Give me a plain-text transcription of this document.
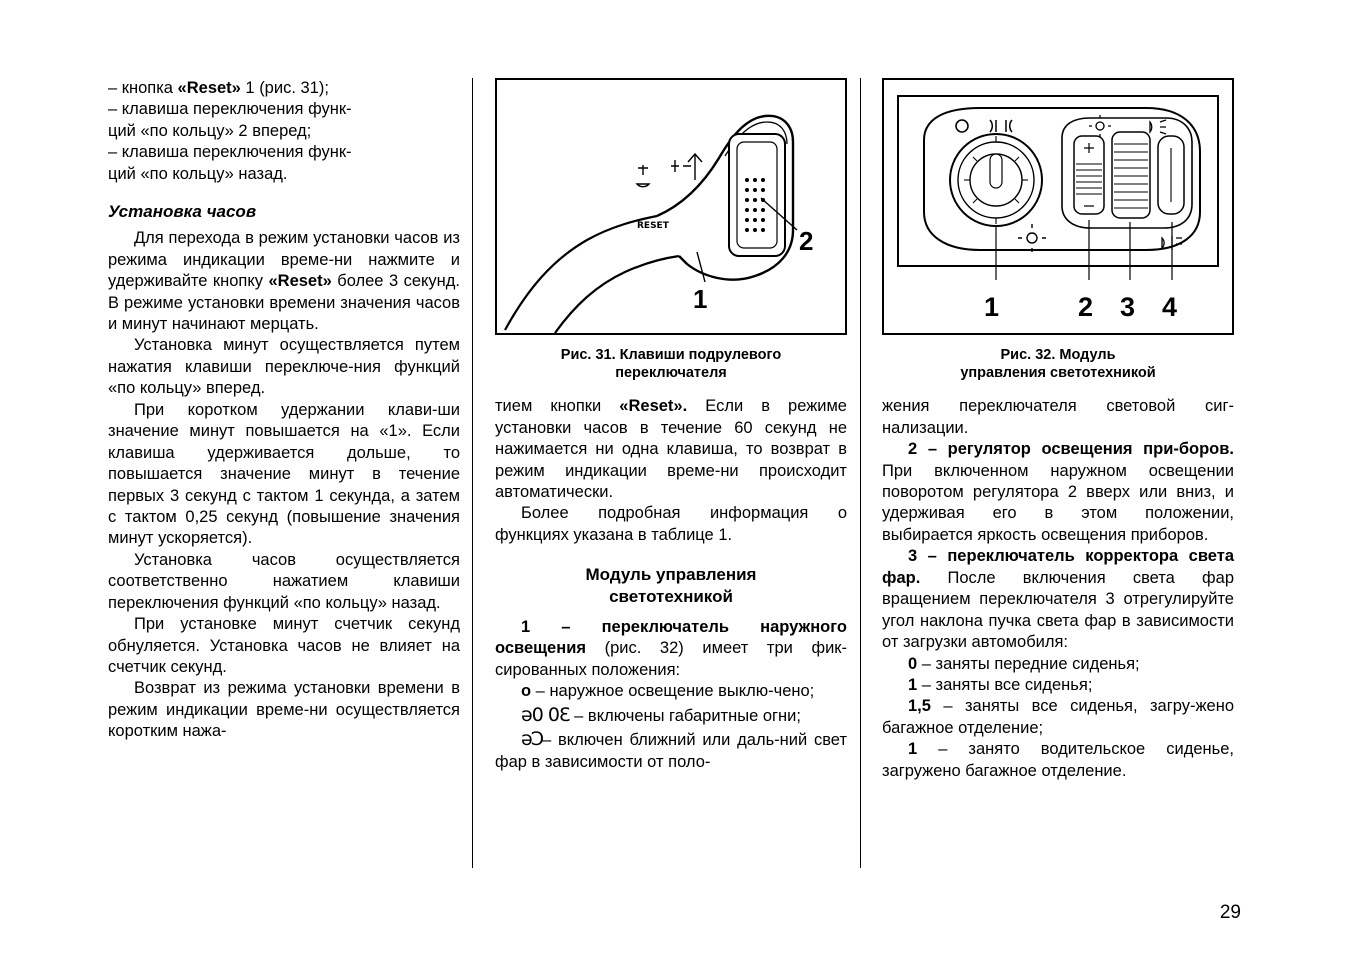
– кнопка «Reset» 1 (рис. 31);

– клавиша переключения функ-
ций «по кольцу» 2 вперед;

– клавиша переключения функ-
ций «по кольцу» назад.

Установка часов

Для перехода в режим установки часов из режима индикации време-ни нажмите и удерживайте кнопку «Reset» более 3 секунд. В режиме установки времени значения часов и минут начинают мерцать.

Установка минут осуществляется путем нажатия клавиши переключе-ния функций «по кольцу» вперед.

При коротком удержании клави-ши значение минут повышается на «1». Если клавиша удерживается дольше, то повышается значение минут в течение первых 3 секунд с тактом 1 секунда, а затем с тактом 0,25 секунд (повышение значения минут ускоряется).

Установка часов осуществляется соответственно нажатием клавиши переключения функций «по кольцу» назад.

При установке минут счетчик секунд обнуляется. Установка часов не влияет на счетчик секунд.

Возврат из режима установки времени в режим индикации време-ни осуществляется коротким нажа-

RESET	2
1

Рис. 31. Клавиши подрулевого
переключателя

тием кнопки «Reset». Если в режиме установки часов в течение 60 секунд не нажимается ни одна клавиша, то возврат в режим индикации време-ни происходит автоматически.

Более подробная информация о функциях указана в таблице 1.

Модуль управления
светотехникой

1 – переключатель наружного освещения (рис. 32) имеет три фик-сированных положения:

o – наружное освещение выклю-чено;

ǝ0 0Ɛ – включены габаритные огни;

ǝƆ– включен ближний или даль-ний свет фар в зависимости от поло-

1	2 3 4

Рис. 32. Модуль
управления светотехникой

жения переключателя световой сиг-нализации.

2 – регулятор освещения при-боров. При включенном наружном освещении поворотом регулятора 2 вверх или вниз, и удерживая его в этом положении, выбирается яркость освещения приборов.

3 – переключатель корректора света фар. После включения света фар вращением переключателя 3 отрегулируйте угол наклона пучка света фар в зависимости от загрузки автомобиля:

0 – заняты передние сиденья;

1 – заняты все сиденья;

1,5 – заняты все сиденья, загру-жено багажное отделение;

1 – занято водительское сиденье, загружено багажное отделение.

29
